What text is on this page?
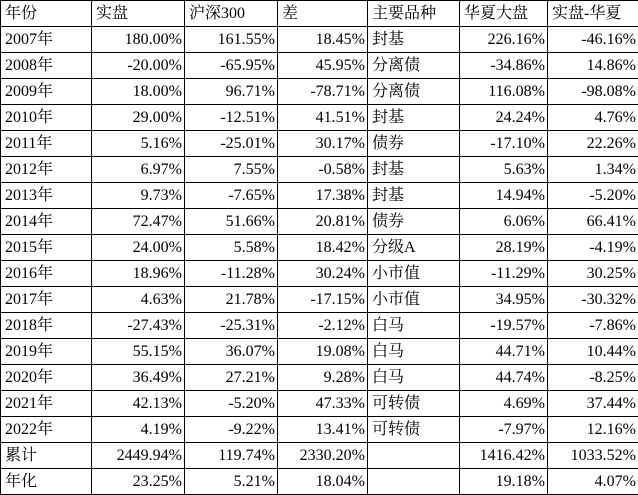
年份	实盘	沪深300	差	主要品种	华夏大盘	实盘-华夏
2007年	180.00%	161.55%	18.45%	封基	226.16%	-46.16%
2008年	-20.00%	-65.95%	45.95%	分离债	-34.86%	14.86%
2009年	18.00%	96.71%	-78.71%	分离债	116.08%	-98.08%
2010年	29.00%	-12.51%	41.51%	封基	24.24%	4.76%
2011年	5.16%	-25.01%	30.17%	债券	-17.10%	22.26%
2012年	6.97%	7.55%	-0.58%	封基	5.63%	1.34%
2013年	9.73%	-7.65%	17.38%	封基	14.94%	-5.20%
2014年	72.47%	51.66%	20.81%	债券	6.06%	66.41%
2015年	24.00%	5.58%	18.42%	分级A	28.19%	-4.19%
2016年	18.96%	-11.28%	30.24%	小市值	-11.29%	30.25%
2017年	4.63%	21.78%	-17.15%	小市值	34.95%	-30.32%
2018年	-27.43%	-25.31%	-2.12%	白马	-19.57%	-7.86%
2019年	55.15%	36.07%	19.08%	白马	44.71%	10.44%
2020年	36.49%	27.21%	9.28%	白马	44.74%	-8.25%
2021年	42.13%	-5.20%	47.33%	可转债	4.69%	37.44%
2022年	4.19%	-9.22%	13.41%	可转债	-7.97%	12.16%
累计	2449.94%	119.74%	2330.20%		1416.42%	1033.52%
年化	23.25%	5.21%	18.04%		19.18%	4.07%
